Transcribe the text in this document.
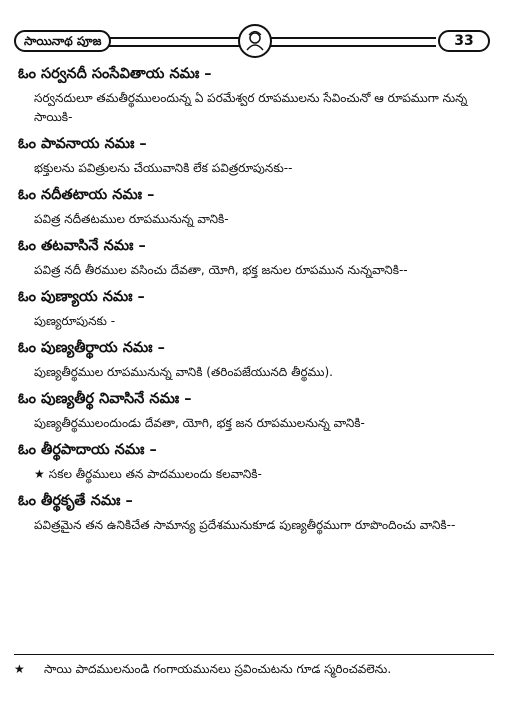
సాయినాథ పూజ	33

ఓం సర్వనదీ సంసేవితాయ నమః –

సర్వనదులూ తమతీర్థములందున్న ఏ పరమేశ్వర రూపములను సేవించునో ఆ రూపముగా నున్న సాయికి-

ఓం పావనాయ నమః –

భక్తులను పవిత్రులను చేయువానికి లేక పవిత్రరూపునకు--

ఓం నదీతటాయ నమః –

పవిత్ర నదీతటముల రూపమునున్న వానికి-

ఓం తటవాసినే నమః –

పవిత్ర నదీ తీరముల వసించు దేవతా, యోగి, భక్త జనుల రూపమున నున్నవానికి--

ఓం పుణ్యాయ నమః –

పుణ్యరూపునకు -

ఓం పుణ్యతీర్థాయ నమః –

పుణ్యతీర్థముల రూపమునున్న వానికి (తరింపజేయునది తీర్థము).

ఓం పుణ్యతీర్థ నివాసినే నమః –

పుణ్యతీర్థములందుండు దేవతా, యోగి, భక్త జన రూపములనున్న వానికి-

ఓం తీర్థపాదాయ నమః –

★ సకల తీర్థములు తన పాదములందు కలవానికి-

ఓం తీర్థకృతే నమః –

పవిత్రమైన తన ఉనికిచేత సామాన్య ప్రదేశమునుకూడ పుణ్యతీర్థముగా రూపొందించు వానికి--

★ సాయి పాదములనుండి గంగాయమునలు స్రవించుటను గూడ స్మరించవలెను.
